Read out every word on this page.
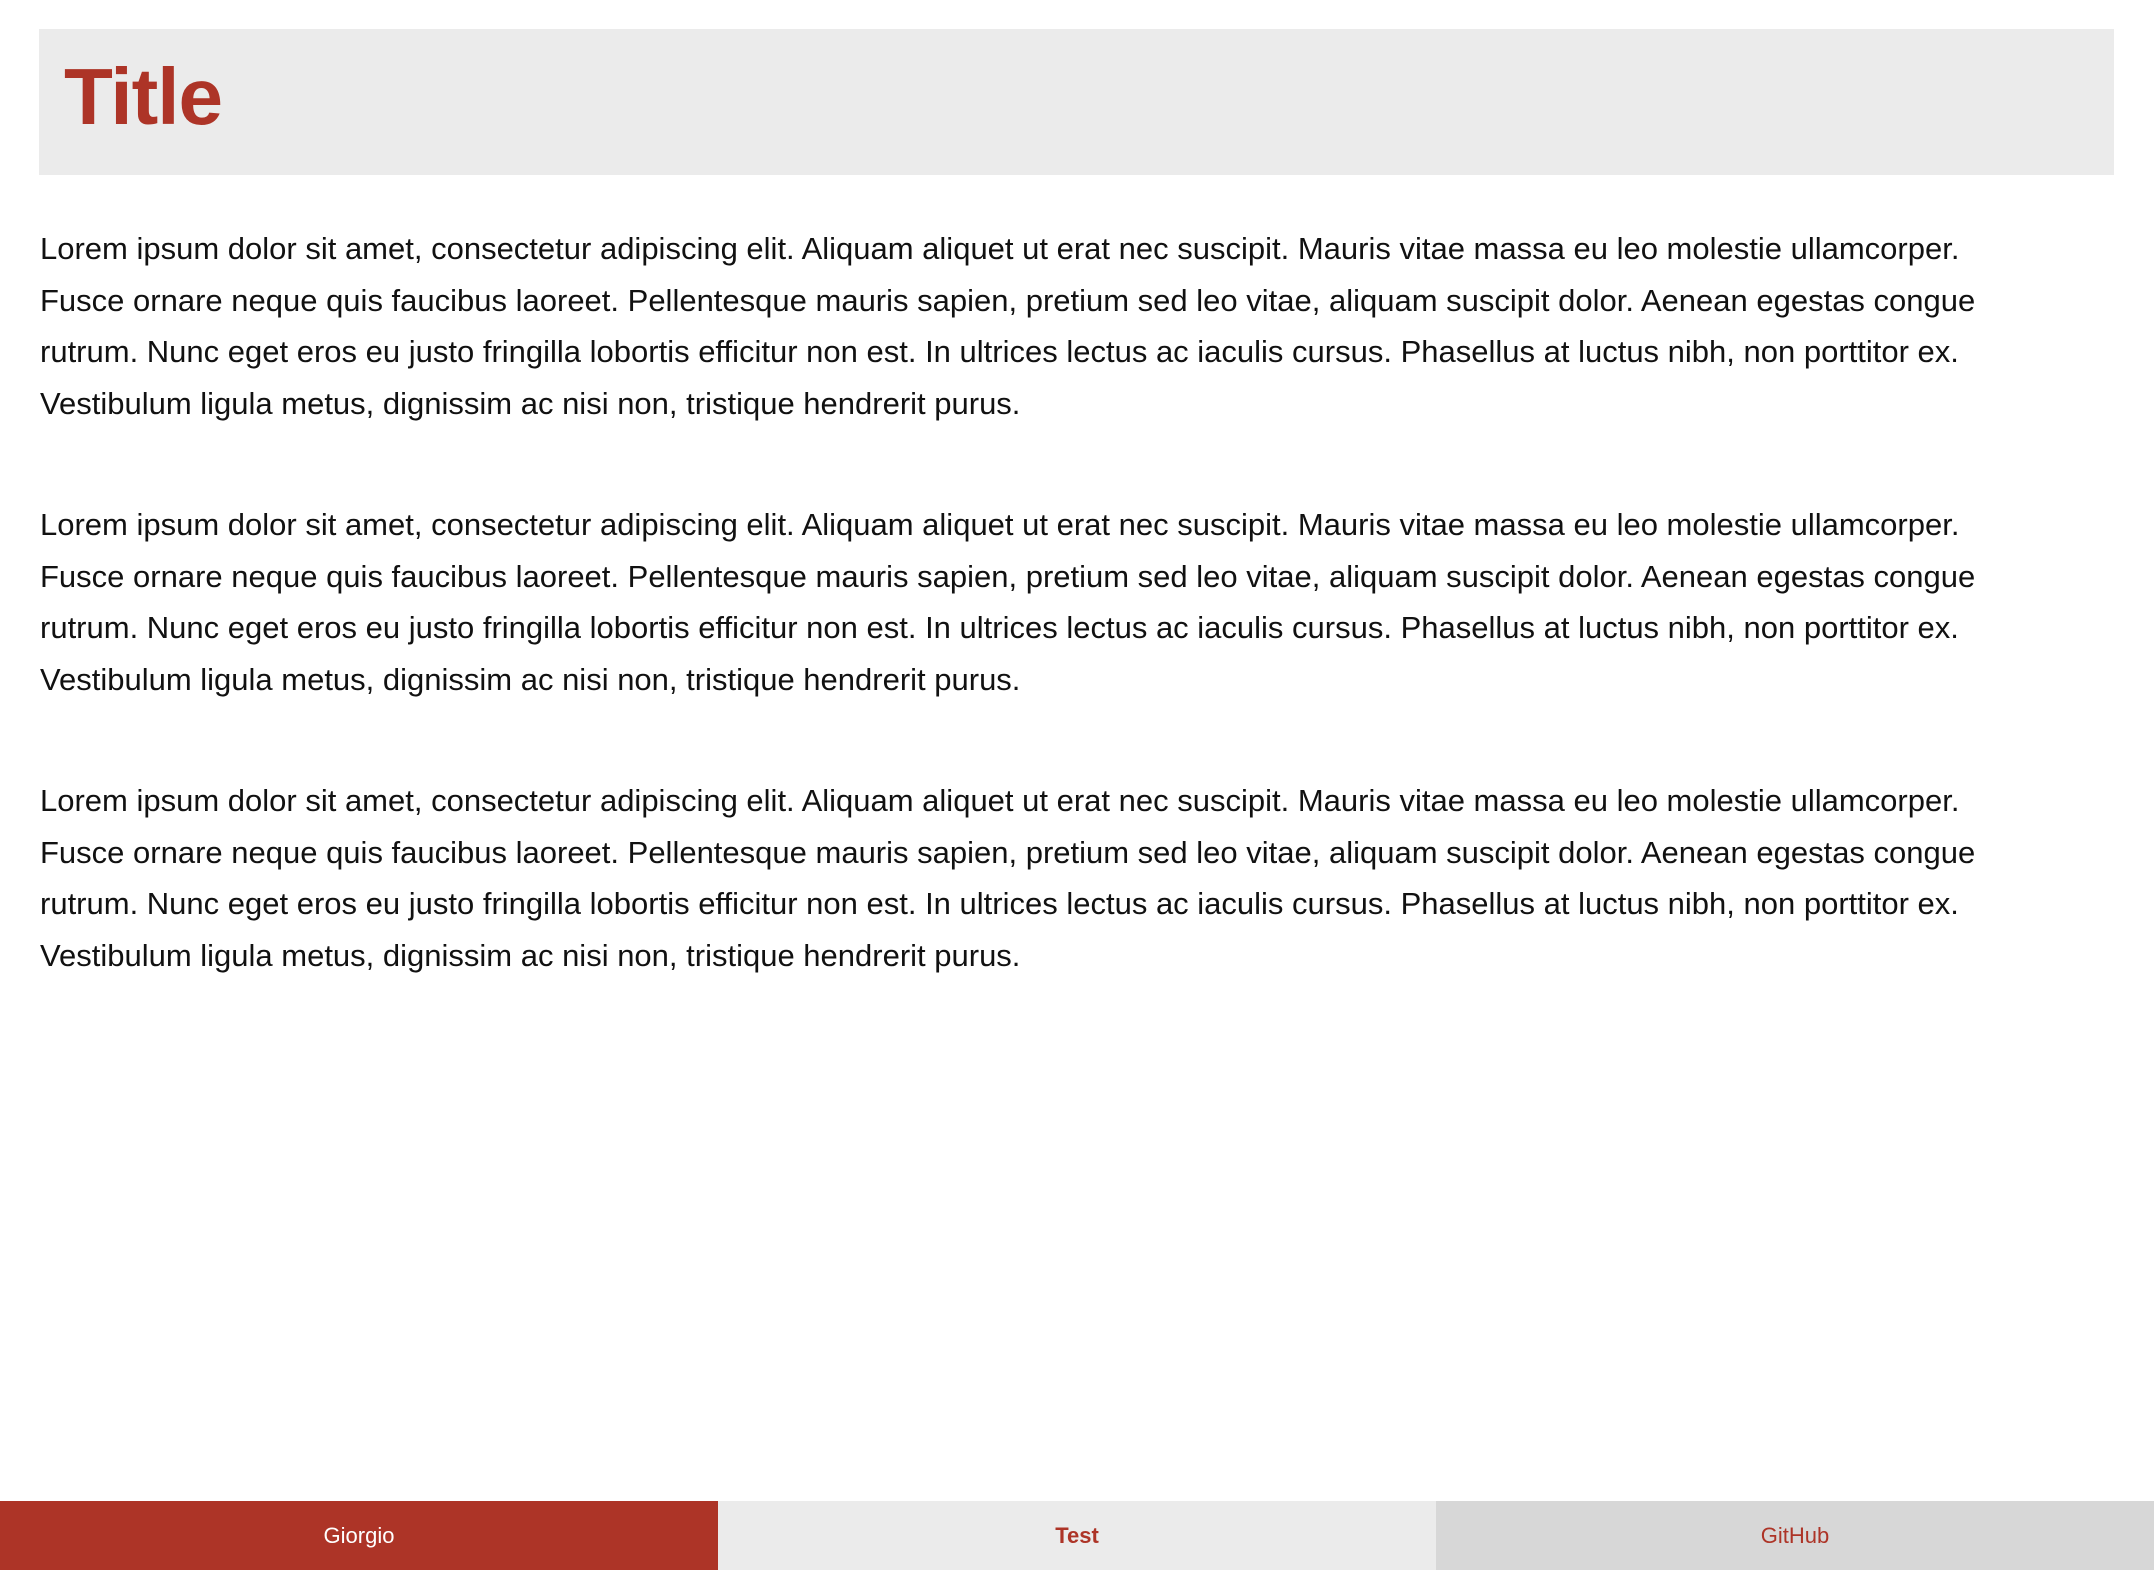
Title

Lorem ipsum dolor sit amet, consectetur adipiscing elit. Aliquam aliquet ut erat nec suscipit. Mauris vitae massa eu leo molestie ullamcorper.
Fusce ornare neque quis faucibus laoreet. Pellentesque mauris sapien, pretium sed leo vitae, aliquam suscipit dolor. Aenean egestas congue
rutrum. Nunc eget eros eu justo fringilla lobortis efficitur non est. In ultrices lectus ac iaculis cursus. Phasellus at luctus nibh, non porttitor ex.
Vestibulum ligula metus, dignissim ac nisi non, tristique hendrerit purus.

Lorem ipsum dolor sit amet, consectetur adipiscing elit. Aliquam aliquet ut erat nec suscipit. Mauris vitae massa eu leo molestie ullamcorper.
Fusce ornare neque quis faucibus laoreet. Pellentesque mauris sapien, pretium sed leo vitae, aliquam suscipit dolor. Aenean egestas congue
rutrum. Nunc eget eros eu justo fringilla lobortis efficitur non est. In ultrices lectus ac iaculis cursus. Phasellus at luctus nibh, non porttitor ex.
Vestibulum ligula metus, dignissim ac nisi non, tristique hendrerit purus.

Lorem ipsum dolor sit amet, consectetur adipiscing elit. Aliquam aliquet ut erat nec suscipit. Mauris vitae massa eu leo molestie ullamcorper.
Fusce ornare neque quis faucibus laoreet. Pellentesque mauris sapien, pretium sed leo vitae, aliquam suscipit dolor. Aenean egestas congue
rutrum. Nunc eget eros eu justo fringilla lobortis efficitur non est. In ultrices lectus ac iaculis cursus. Phasellus at luctus nibh, non porttitor ex.
Vestibulum ligula metus, dignissim ac nisi non, tristique hendrerit purus.

Giorgio	Test	GitHub
